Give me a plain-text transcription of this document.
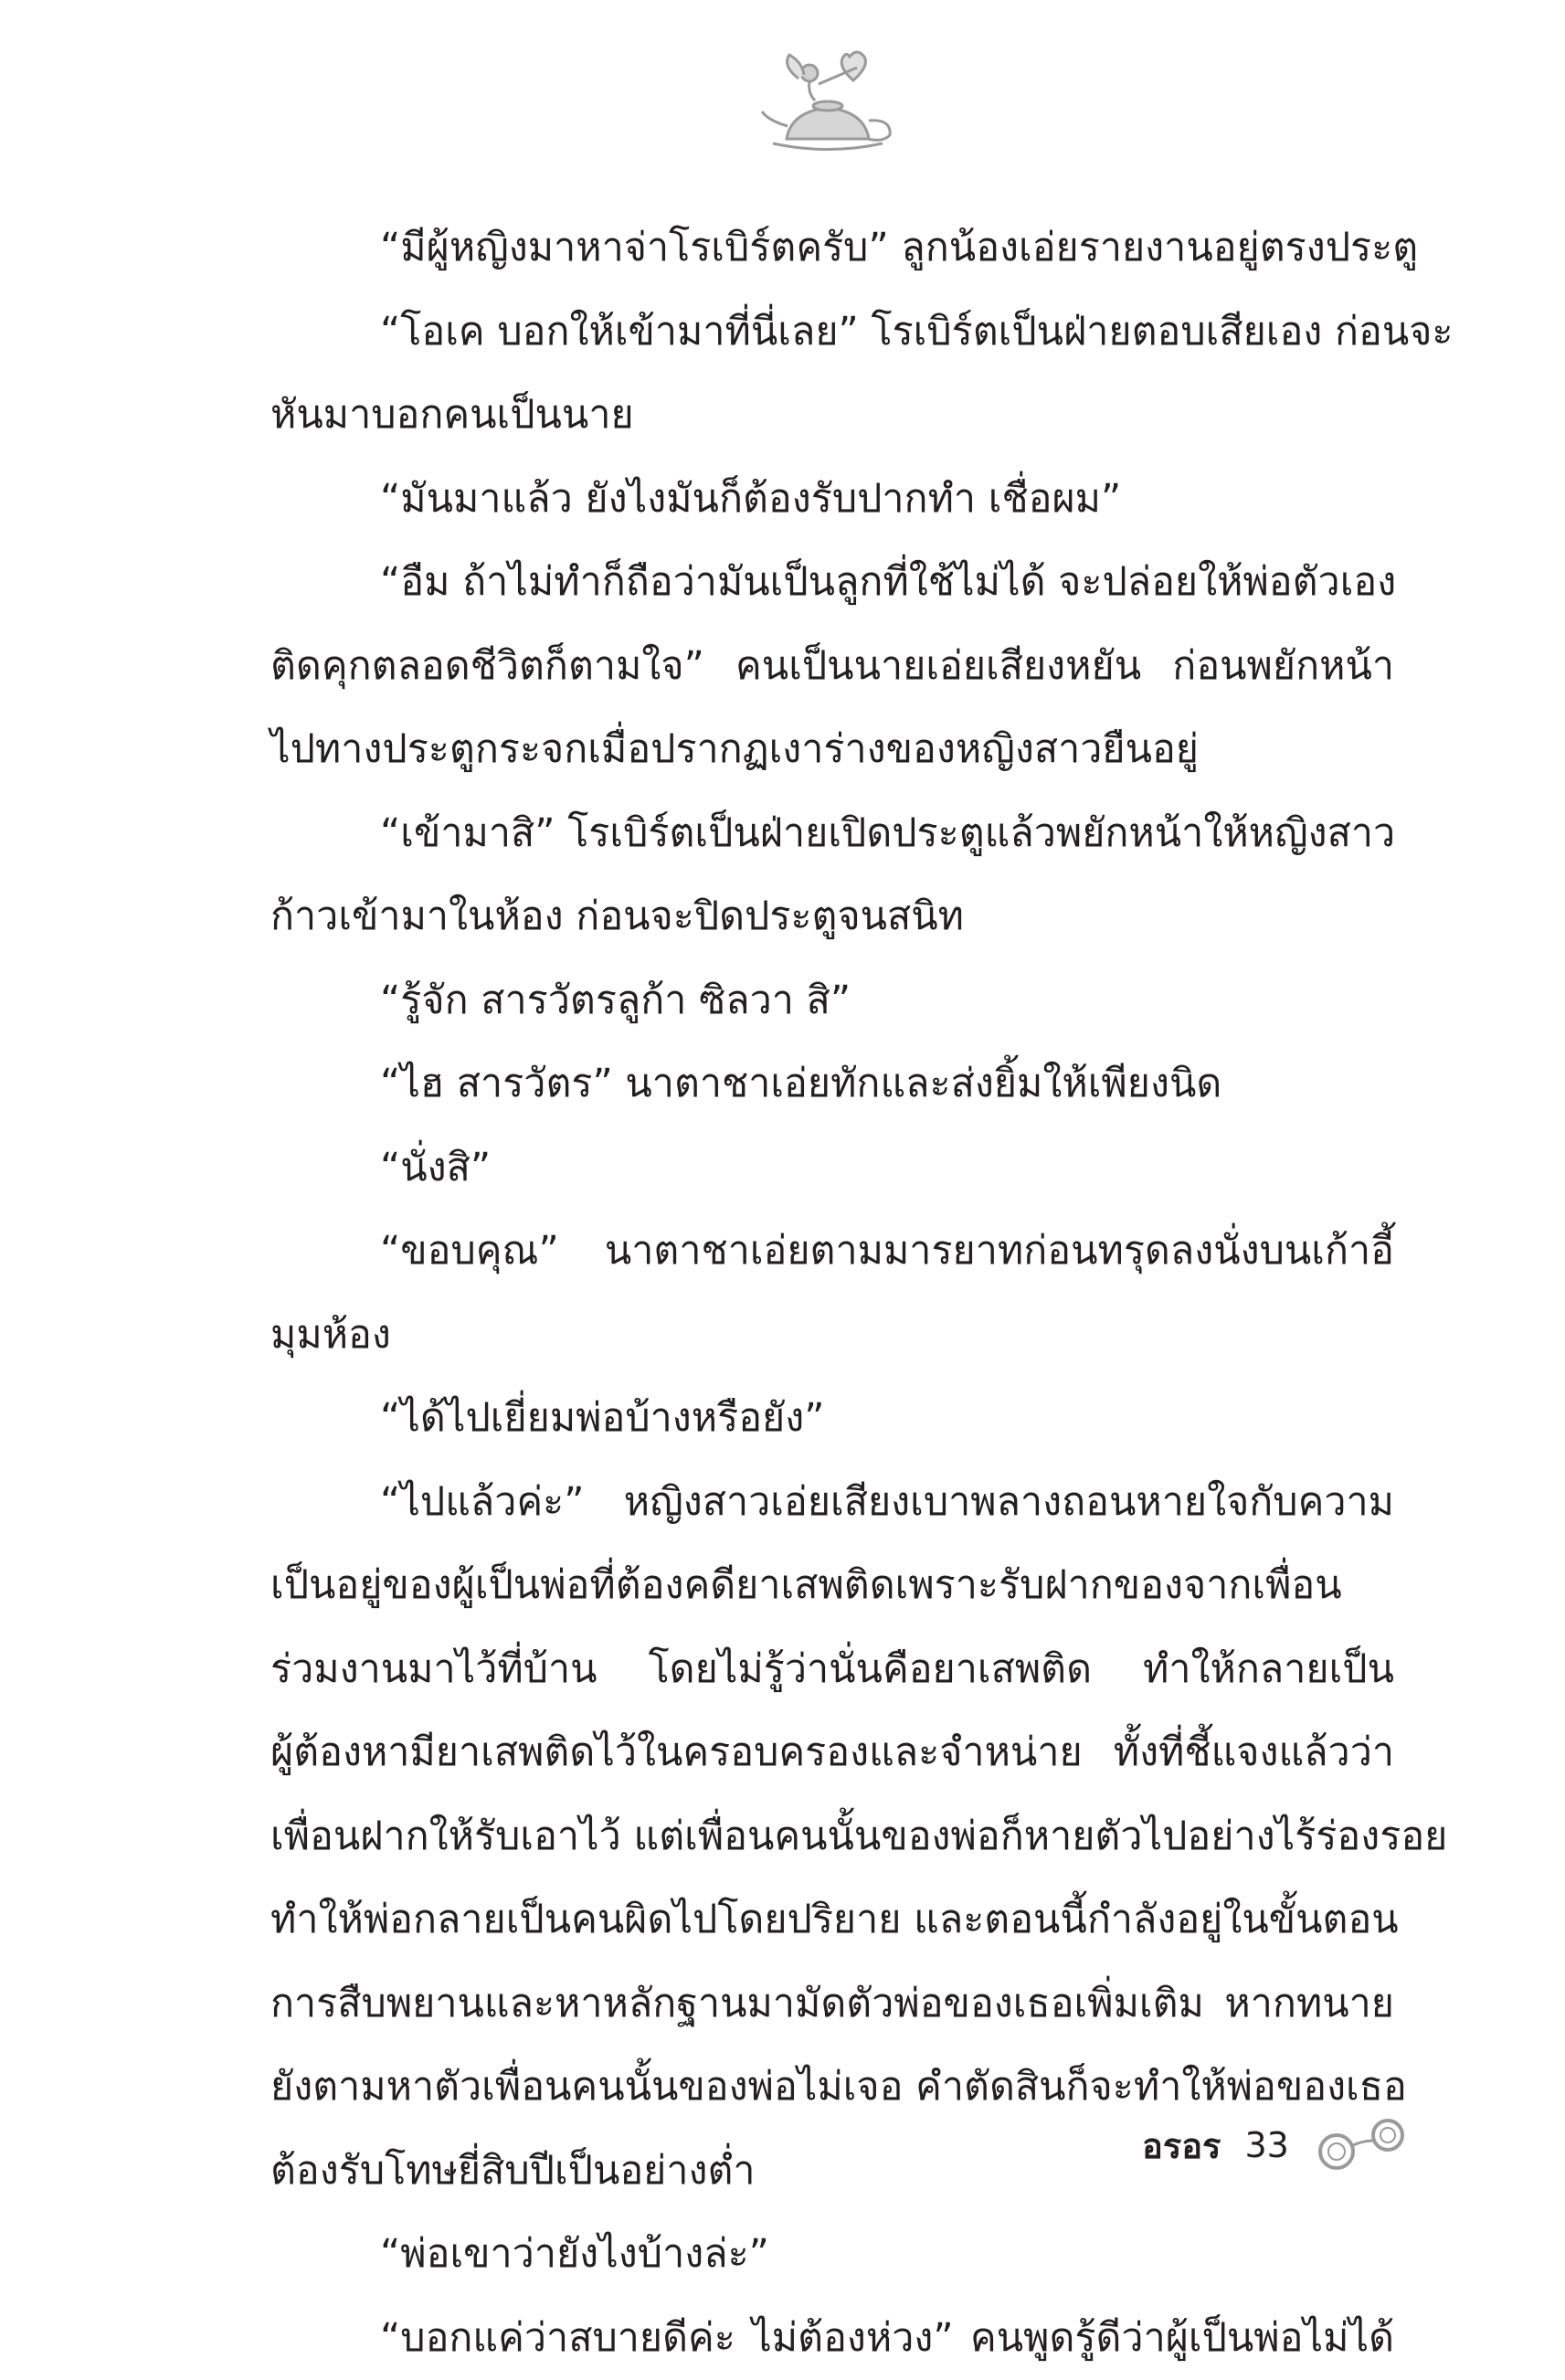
“มีผู้หญิงมาหาจ่าโรเบิร์ตครับ” ลูกน้องเอ่ยรายงานอยู่ตรงประตู

“โอเค บอกให้เข้ามาที่นี่เลย” โรเบิร์ตเป็นฝ่ายตอบเสียเอง ก่อนจะ

หันมาบอกคนเป็นนาย

“มันมาแล้ว ยังไงมันก็ต้องรับปากทำ เชื่อผม”

“อืม ถ้าไม่ทำก็ถือว่ามันเป็นลูกที่ใช้ไม่ได้ จะปล่อยให้พ่อตัวเอง

ติดคุกตลอดชีวิตก็ตามใจ” คนเป็นนายเอ่ยเสียงหยัน ก่อนพยักหน้า

ไปทางประตูกระจกเมื่อปรากฏเงาร่างของหญิงสาวยืนอยู่

“เข้ามาสิ” โรเบิร์ตเป็นฝ่ายเปิดประตูแล้วพยักหน้าให้หญิงสาว

ก้าวเข้ามาในห้อง ก่อนจะปิดประตูจนสนิท

“รู้จัก สารวัตรลูก้า ซิลวา สิ”

“ไฮ สารวัตร” นาตาชาเอ่ยทักและส่งยิ้มให้เพียงนิด

“นั่งสิ”

“ขอบคุณ” นาตาชาเอ่ยตามมารยาทก่อนทรุดลงนั่งบนเก้าอี้

มุมห้อง

“ได้ไปเยี่ยมพ่อบ้างหรือยัง”

“ไปแล้วค่ะ” หญิงสาวเอ่ยเสียงเบาพลางถอนหายใจกับความ

เป็นอยู่ของผู้เป็นพ่อที่ต้องคดียาเสพติดเพราะรับฝากของจากเพื่อน

ร่วมงานมาไว้ที่บ้าน โดยไม่รู้ว่านั่นคือยาเสพติด ทำให้กลายเป็น

ผู้ต้องหามียาเสพติดไว้ในครอบครองและจำหน่าย ทั้งที่ชี้แจงแล้วว่า

เพื่อนฝากให้รับเอาไว้ แต่เพื่อนคนนั้นของพ่อก็หายตัวไปอย่างไร้ร่องรอย

ทำให้พ่อกลายเป็นคนผิดไปโดยปริยาย และตอนนี้กำลังอยู่ในขั้นตอน

การสืบพยานและหาหลักฐานมามัดตัวพ่อของเธอเพิ่มเติม หากทนาย

ยังตามหาตัวเพื่อนคนนั้นของพ่อไม่เจอ คำตัดสินก็จะทำให้พ่อของเธอ

ต้องรับโทษยี่สิบปีเป็นอย่างต่ำ

“พ่อเขาว่ายังไงบ้างล่ะ”

“บอกแค่ว่าสบายดีค่ะ ไม่ต้องห่วง” คนพูดรู้ดีว่าผู้เป็นพ่อไม่ได้

อรอร 33
